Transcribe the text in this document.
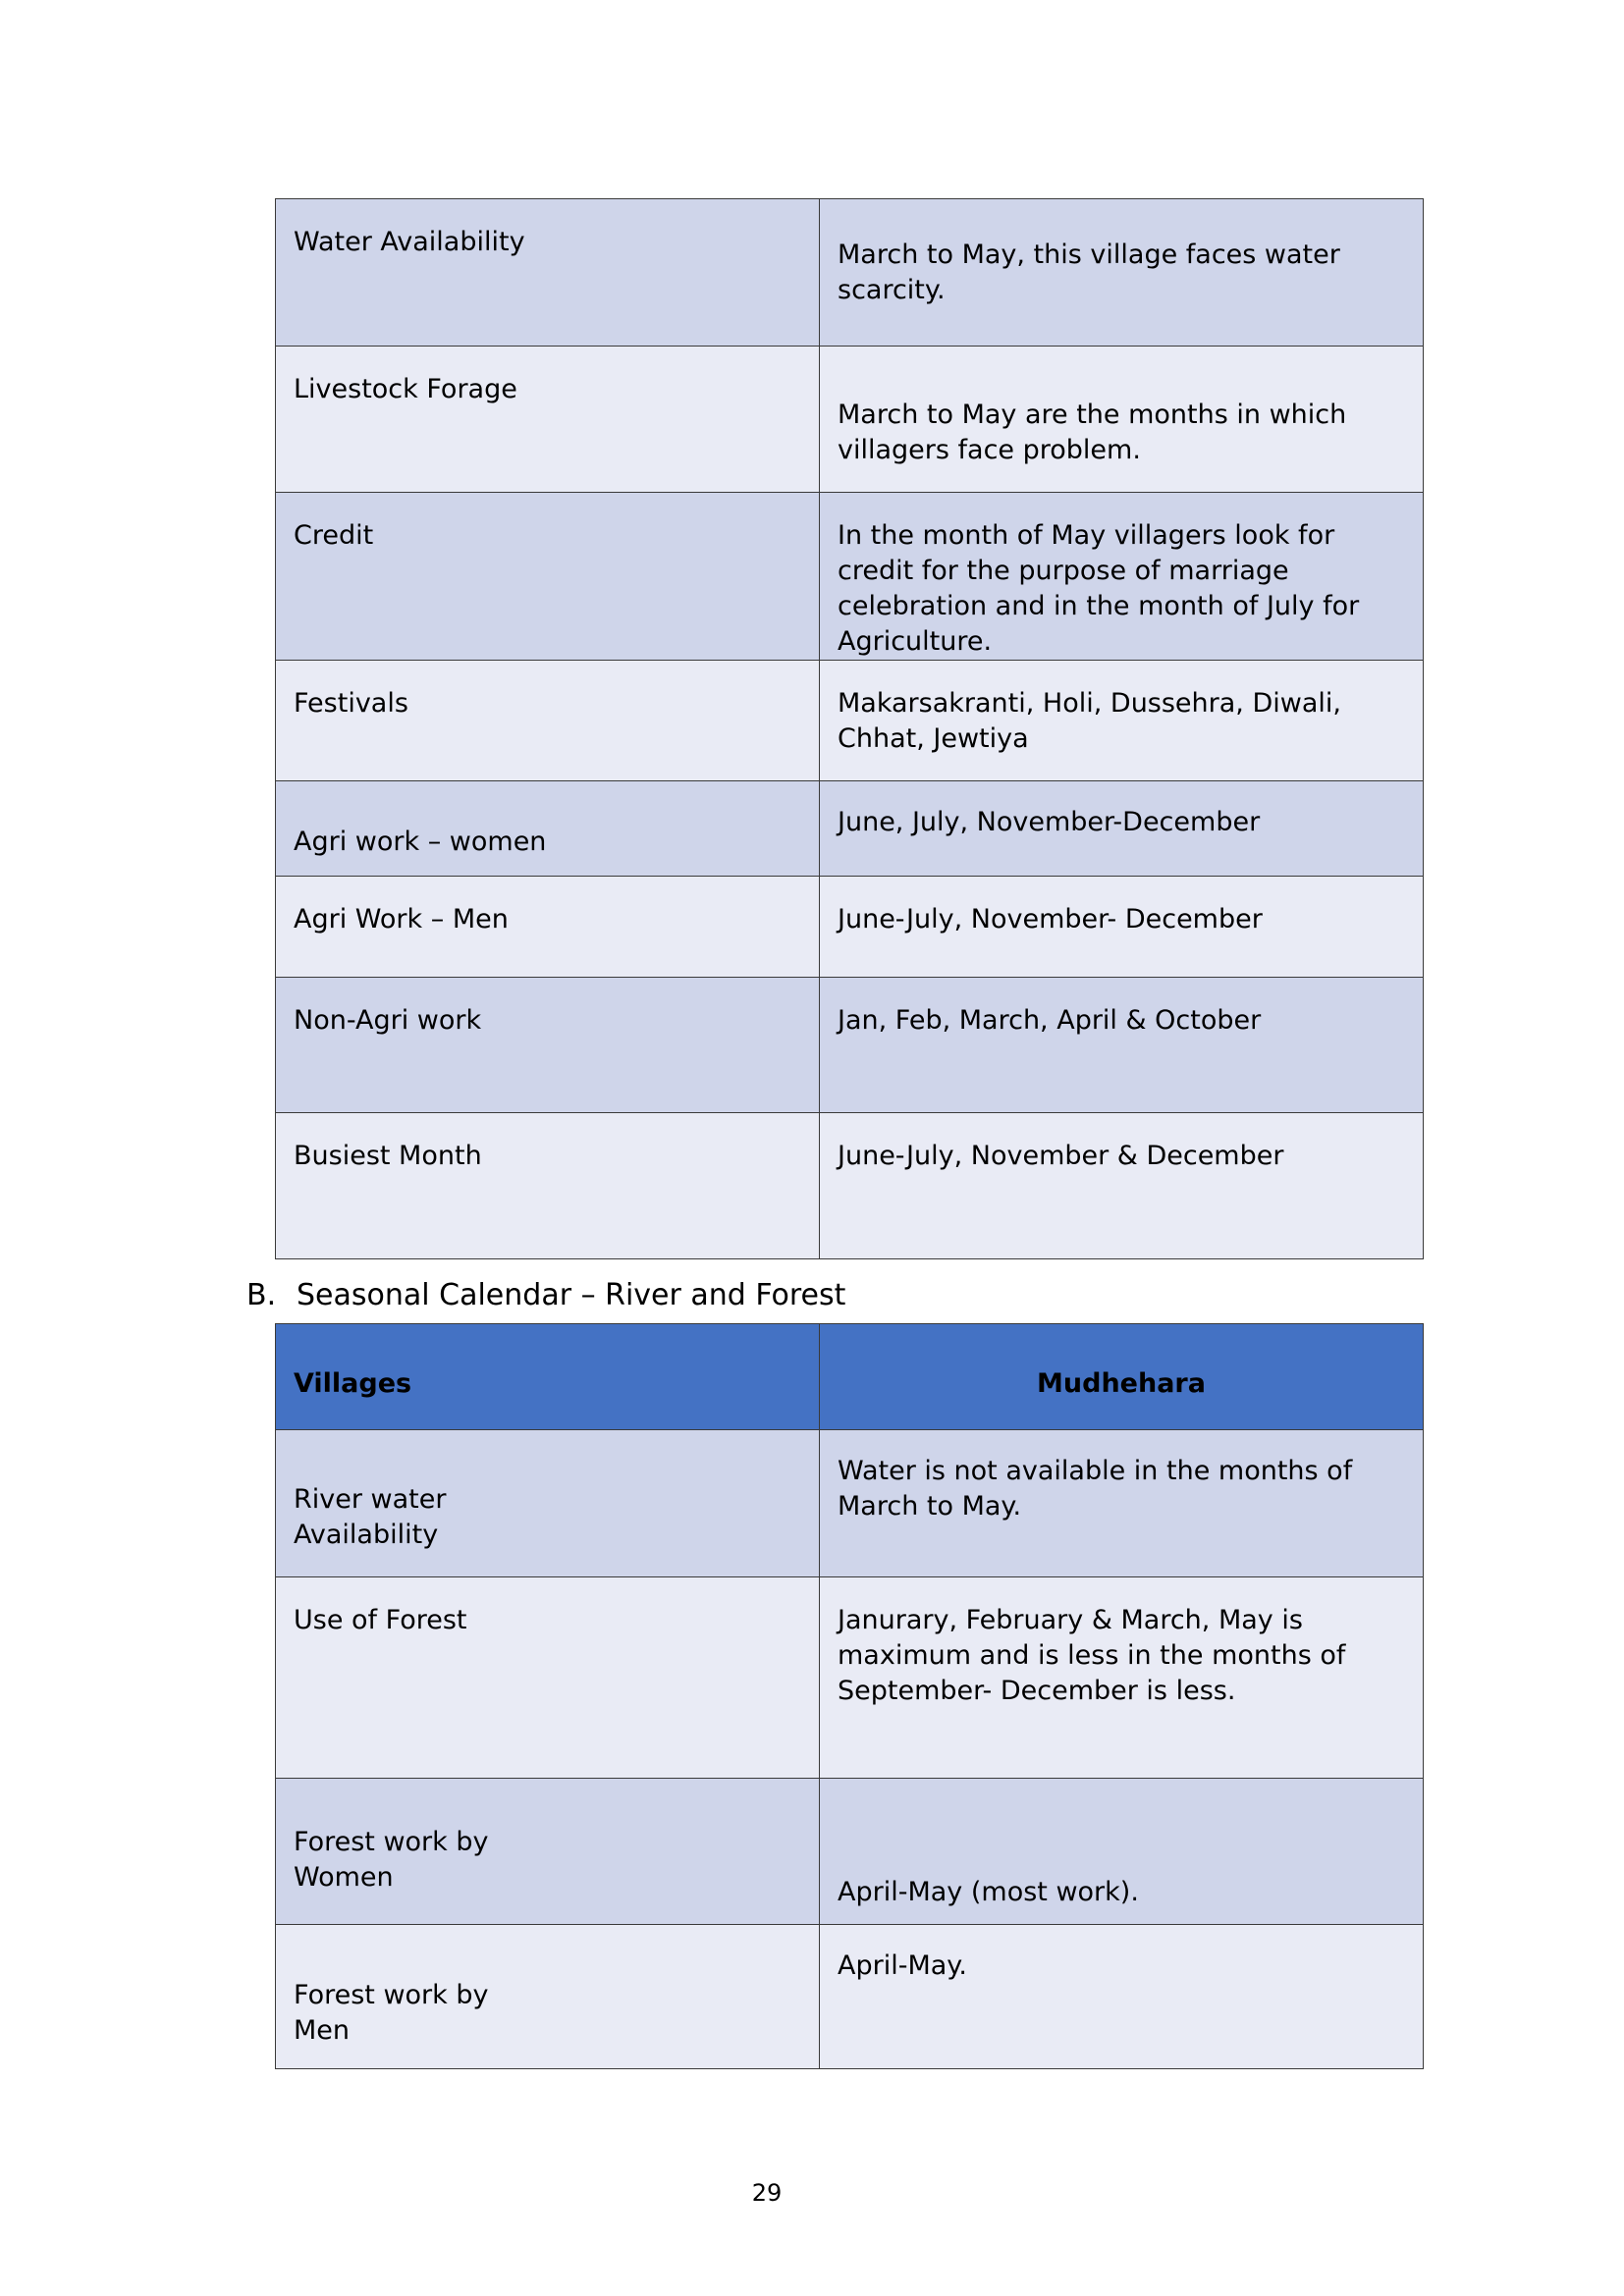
Water Availability	March to May, this village faces water scarcity.
Livestock Forage	March to May are the months in which villagers face problem.
Credit	In the month of May villagers look for credit for the purpose of marriage celebration and in the month of July for Agriculture.
Festivals	Makarsakranti, Holi, Dussehra, Diwali, Chhat, Jewtiya
Agri work – women	June, July, November-December
Agri Work – Men	June-July, November- December
Non-Agri work	Jan, Feb, March, April & October
Busiest Month	June-July, November & December
B. Seasonal Calendar – River and Forest
Villages	Mudhehara
River water Availability	Water is not available in the months of March to May.
Use of Forest	Janurary, February & March, May is maximum and is less in the months of September- December is less.
Forest work by Women	April-May (most work).
Forest work by Men	April-May.
29
